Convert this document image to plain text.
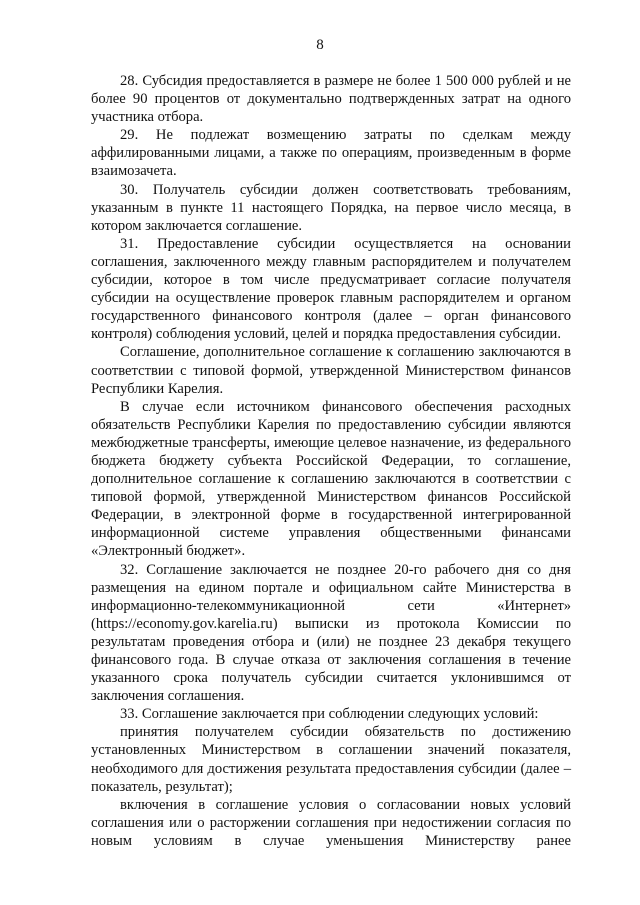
8

28. Субсидия предоставляется в размере не более 1 500 000 рублей и не более 90 процентов от документально подтвержденных затрат на одного участника отбора.

29. Не подлежат возмещению затраты по сделкам между аффилированными лицами, а также по операциям, произведенным в форме взаимозачета.

30. Получатель субсидии должен соответствовать требованиям, указанным в пункте 11 настоящего Порядка, на первое число месяца, в котором заключается соглашение.

31. Предоставление субсидии осуществляется на основании соглашения, заключенного между главным распорядителем и получателем субсидии, которое в том числе предусматривает согласие получателя субсидии на осуществление проверок главным распорядителем и органом государственного финансового контроля (далее – орган финансового контроля) соблюдения условий, целей и порядка предоставления субсидии.

Соглашение, дополнительное соглашение к соглашению заключаются в соответствии с типовой формой, утвержденной Министерством финансов Республики Карелия.

В случае если источником финансового обеспечения расходных обязательств Республики Карелия по предоставлению субсидии являются межбюджетные трансферты, имеющие целевое назначение, из федерального бюджета бюджету субъекта Российской Федерации, то соглашение, дополнительное соглашение к соглашению заключаются в соответствии с типовой формой, утвержденной Министерством финансов Российской Федерации, в электронной форме в государственной интегрированной информационной системе управления общественными финансами «Электронный бюджет».

32. Соглашение заключается не позднее 20-го рабочего дня со дня размещения на едином портале и официальном сайте Министерства в информационно-телекоммуникационной сети «Интернет» (https://economy.gov.karelia.ru) выписки из протокола Комиссии по результатам проведения отбора и (или) не позднее 23 декабря текущего финансового года. В случае отказа от заключения соглашения в течение указанного срока получатель субсидии считается уклонившимся от заключения соглашения.

33. Соглашение заключается при соблюдении следующих условий:

принятия получателем субсидии обязательств по достижению установленных Министерством в соглашении значений показателя, необходимого для достижения результата предоставления субсидии (далее – показатель, результат);

включения в соглашение условия о согласовании новых условий соглашения или о расторжении соглашения при недостижении согласия по новым условиям в случае уменьшения Министерству ранее
